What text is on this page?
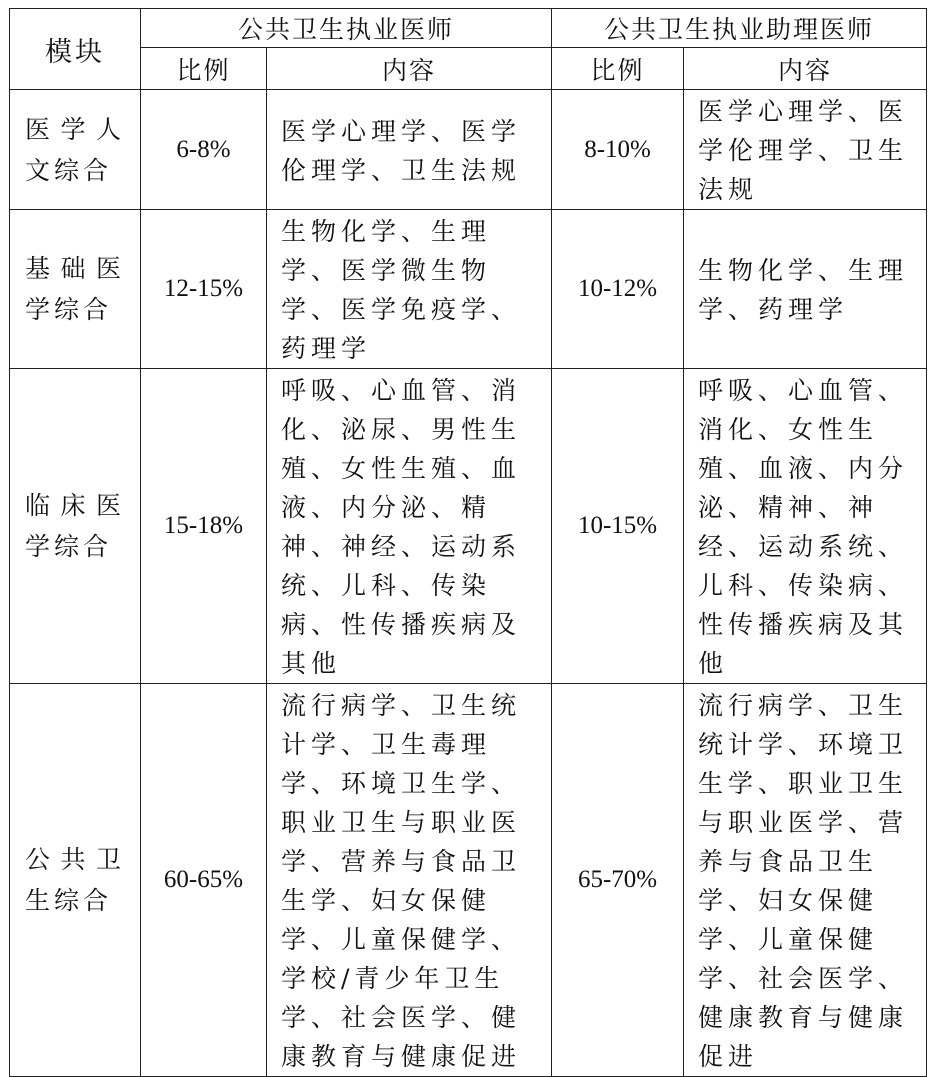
模块	公共卫生执业医师		公共卫生执业助理医师	
	比例	内容	比例	内容
医学人文综合	6-8%	医学心理学、医学伦理学、卫生法规	8-10%	医学心理学、医学伦理学、卫生法规

基础医学综合	12-15%	生物化学、生理学、医学微生物学、医学免疫学、药理学	10-12%	生物化学、生理学、药理学

临床医学综合	15-18%	呼吸、心血管、消化、泌尿、男性生殖、女性生殖、血液、内分泌、精神、神经、运动系统、儿科、传染病、性传播疾病及其他	10-15%	呼吸、心血管、消化、女性生殖、血液、内分泌、精神、神经、运动系统、儿科、传染病、性传播疾病及其他

公共卫生综合	60-65%	流行病学、卫生统计学、卫生毒理学、环境卫生学、职业卫生与职业医学、营养与食品卫生学、妇女保健学、儿童保健学、学校/青少年卫生学、社会医学、健康教育与健康促进	65-70%	流行病学、卫生统计学、环境卫生学、职业卫生与职业医学、营养与食品卫生学、妇女保健学、儿童保健学、社会医学、健康教育与健康促进
